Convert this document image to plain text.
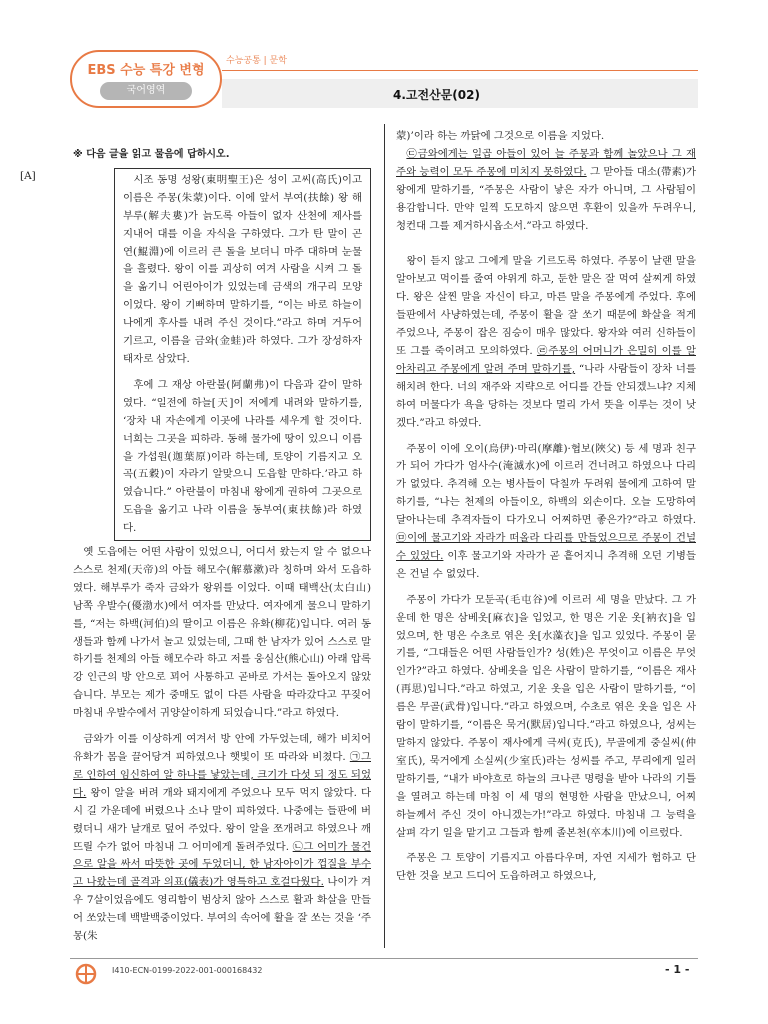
EBS 수능 특강 변형
국어영역
수능공통 | 문학
4.고전산문(02)
[A]

※ 다음 글을 읽고 물음에 답하시오.

시조 동명 성왕(東明聖王)은 성이 고씨(高氏)이고 이름은 주몽(朱蒙)이다. 이에 앞서 부여(扶餘) 왕 해부루(解夫婁)가 늙도록 아들이 없자 산천에 제사를 지내어 대를 이을 자식을 구하였다. 그가 탄 말이 곤연(鯤淵)에 이르러 큰 돌을 보더니 마주 대하며 눈물을 흘렸다. 왕이 이를 괴상히 여겨 사람을 시켜 그 돌을 옮기니 어린아이가 있었는데 금색의 개구리 모양이었다. 왕이 기뻐하며 말하기를, “이는 바로 하늘이 나에게 후사를 내려 주신 것이다.”라고 하며 거두어 기르고, 이름을 금와(金蛙)라 하였다. 그가 장성하자 태자로 삼았다.

후에 그 재상 아란불(阿蘭弗)이 다음과 같이 말하였다. “일전에 하늘[天]이 저에게 내려와 말하기를, ‘장차 내 자손에게 이곳에 나라를 세우게 할 것이다. 너희는 그곳을 피하라. 동해 물가에 땅이 있으니 이름을 가섭원(迦葉原)이라 하는데, 토양이 기름지고 오곡(五穀)이 자라기 알맞으니 도읍할 만하다.’라고 하였습니다.” 아란불이 마침내 왕에게 권하여 그곳으로 도읍을 옮기고 나라 이름을 동부여(東扶餘)라 하였다.

옛 도읍에는 어떤 사람이 있었으니, 어디서 왔는지 알 수 없으나 스스로 천제(天帝)의 아들 해모수(解慕漱)라 칭하며 와서 도읍하였다. 해부루가 죽자 금와가 왕위를 이었다. 이때 태백산(太白山) 남쪽 우발수(優渤水)에서 여자를 만났다. 여자에게 물으니 말하기를, “저는 하백(河伯)의 딸이고 이름은 유화(柳花)입니다. 여러 동생들과 함께 나가서 놀고 있었는데, 그때 한 남자가 있어 스스로 말하기를 천제의 아들 해모수라 하고 저를 웅심산(熊心山) 아래 압록강 인근의 방 안으로 꾀어 사통하고 곧바로 가서는 돌아오지 않았습니다. 부모는 제가 중매도 없이 다른 사람을 따라갔다고 꾸짖어 마침내 우발수에서 귀양살이하게 되었습니다.”라고 하였다.

금와가 이를 이상하게 여겨서 방 안에 가두었는데, 해가 비치어 유화가 몸을 끌어당겨 피하였으나 햇빛이 또 따라와 비쳤다. ㉠그로 인하여 임신하여 알 하나를 낳았는데, 크기가 다섯 되 정도 되었다. 왕이 알을 버려 개와 돼지에게 주었으나 모두 먹지 않았다. 다시 길 가운데에 버렸으나 소나 말이 피하였다. 나중에는 들판에 버렸더니 새가 날개로 덮어 주었다. 왕이 알을 쪼개려고 하였으나 깨뜨릴 수가 없어 마침내 그 어미에게 돌려주었다. ㉡그 어미가 물건으로 알을 싸서 따뜻한 곳에 두었더니, 한 남자아이가 껍질을 부수고 나왔는데 골격과 의표(儀表)가 영특하고 호걸다웠다. 나이가 겨우 7살이었음에도 영리함이 범상치 않아 스스로 활과 화살을 만들어 쏘았는데 백발백중이었다. 부여의 속어에 활을 잘 쏘는 것을 ‘주몽(朱

蒙)’이라 하는 까닭에 그것으로 이름을 지었다.

㉢금와에게는 일곱 아들이 있어 늘 주몽과 함께 놀았으나 그 재주와 능력이 모두 주몽에 미치지 못하였다. 그 맏아들 대소(帶素)가 왕에게 말하기를, “주몽은 사람이 낳은 자가 아니며, 그 사람됨이 용감합니다. 만약 일찍 도모하지 않으면 후환이 있을까 두려우니, 청컨대 그를 제거하시옵소서.”라고 하였다.

왕이 듣지 않고 그에게 말을 기르도록 하였다. 주몽이 날랜 말을 알아보고 먹이를 줄여 야위게 하고, 둔한 말은 잘 먹여 살찌게 하였다. 왕은 살찐 말을 자신이 타고, 마른 말을 주몽에게 주었다. 후에 들판에서 사냥하였는데, 주몽이 활을 잘 쏘기 때문에 화살을 적게 주었으나, 주몽이 잡은 짐승이 매우 많았다. 왕자와 여러 신하들이 또 그를 죽이려고 모의하였다. ㉣주몽의 어머니가 은밀히 이를 알아차리고 주몽에게 알려 주며 말하기를, “나라 사람들이 장차 너를 해치려 한다. 너의 재주와 지략으로 어디를 간들 안되겠느냐? 지체하여 머물다가 욕을 당하는 것보다 멀리 가서 뜻을 이루는 것이 낫겠다.”라고 하였다.

주몽이 이에 오이(烏伊)·마리(摩離)·협보(陜父) 등 세 명과 친구가 되어 가다가 엄사수(淹滅水)에 이르러 건너려고 하였으나 다리가 없었다. 추격해 오는 병사들이 닥칠까 두려워 물에게 고하여 말하기를, “나는 천제의 아들이오, 하백의 외손이다. 오늘 도망하여 달아나는데 추격자들이 다가오니 어찌하면 좋은가?”라고 하였다. ㉤이에 물고기와 자라가 떠올라 다리를 만들었으므로 주몽이 건널 수 있었다. 이후 물고기와 자라가 곧 흩어지니 추격해 오던 기병들은 건널 수 없었다.

주몽이 가다가 모둔곡(毛屯谷)에 이르러 세 명을 만났다. 그 가운데 한 명은 삼베옷[麻衣]을 입었고, 한 명은 기운 옷[衲衣]을 입었으며, 한 명은 수초로 엮은 옷[水藻衣]을 입고 있었다. 주몽이 묻기를, “그대들은 어떤 사람들인가? 성(姓)은 무엇이고 이름은 무엇인가?”라고 하였다. 삼베옷을 입은 사람이 말하기를, “이름은 재사(再思)입니다.”라고 하였고, 기운 옷을 입은 사람이 말하기를, “이름은 무골(武骨)입니다.”라고 하였으며, 수초로 엮은 옷을 입은 사람이 말하기를, “이름은 묵거(默居)입니다.”라고 하였으나, 성씨는 말하지 않았다. 주몽이 재사에게 극씨(克氏), 무골에게 중실씨(仲室氏), 묵거에게 소실씨(少室氏)라는 성씨를 주고, 무리에게 일러 말하기를, “내가 바야흐로 하늘의 크나큰 명령을 받아 나라의 기틀을 열려고 하는데 마침 이 세 명의 현명한 사람을 만났으니, 어찌 하늘께서 주신 것이 아니겠는가!”라고 하였다. 마침내 그 능력을 살펴 각기 일을 맡기고 그들과 함께 졸본천(卒本川)에 이르렀다.

주몽은 그 토양이 기름지고 아름다우며, 자연 지세가 험하고 단단한 것을 보고 드디어 도읍하려고 하였으나,

I410-ECN-0199-2022-001-000168432	- 1 -
